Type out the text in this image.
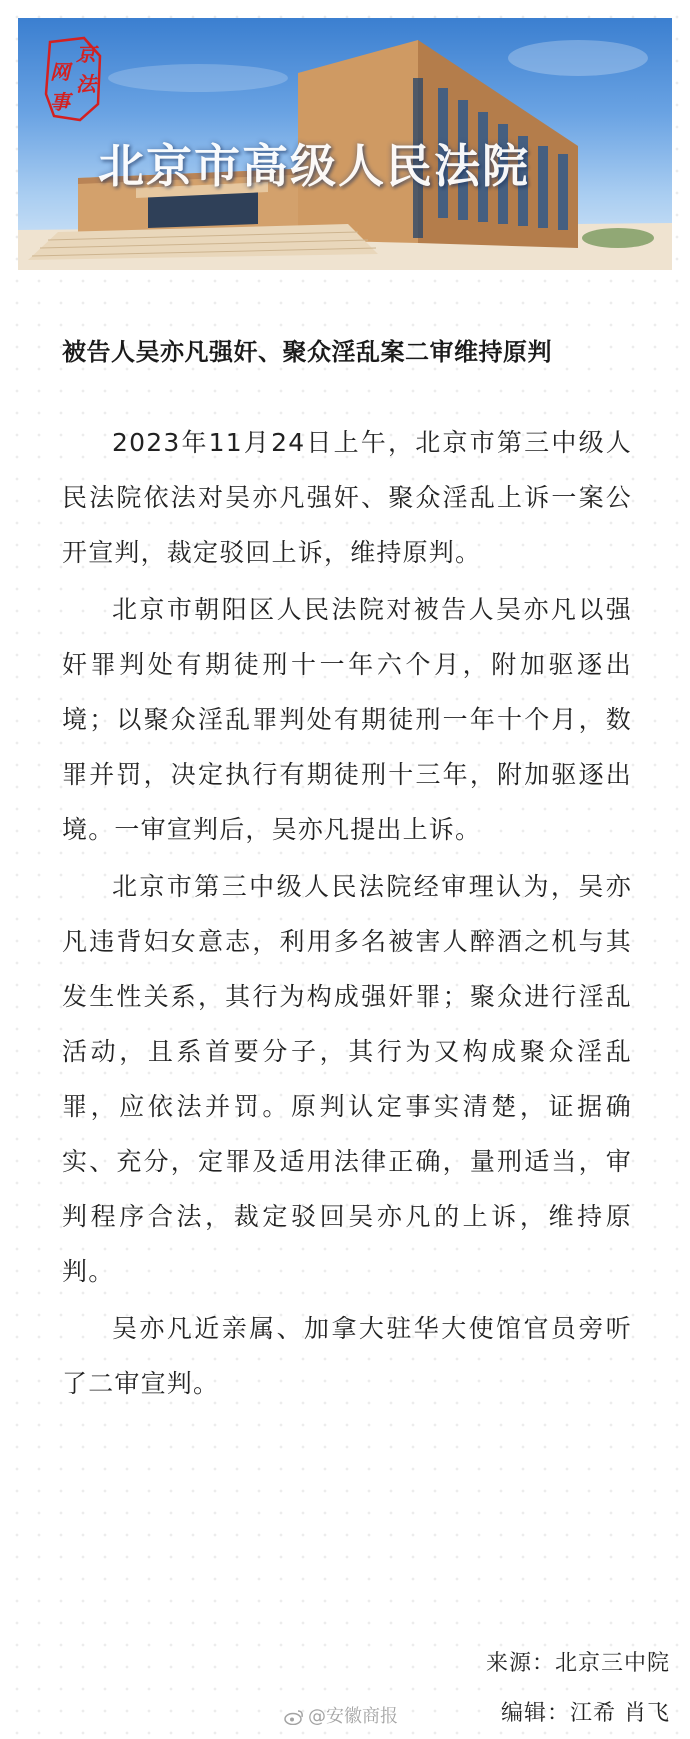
京
法
网
事
北京市高级人民法院
被告人吴亦凡强奸、聚众淫乱案二审维持原判

2023年11月24日上午，北京市第三中级人民法院依法对吴亦凡强奸、聚众淫乱上诉一案公开宣判，裁定驳回上诉，维持原判。

北京市朝阳区人民法院对被告人吴亦凡以强奸罪判处有期徒刑十一年六个月，附加驱逐出境；以聚众淫乱罪判处有期徒刑一年十个月，数罪并罚，决定执行有期徒刑十三年，附加驱逐出境。一审宣判后，吴亦凡提出上诉。

北京市第三中级人民法院经审理认为，吴亦凡违背妇女意志，利用多名被害人醉酒之机与其发生性关系，其行为构成强奸罪；聚众进行淫乱活动，且系首要分子，其行为又构成聚众淫乱罪，应依法并罚。原判认定事实清楚，证据确实、充分，定罪及适用法律正确，量刑适当，审判程序合法，裁定驳回吴亦凡的上诉，维持原判。

吴亦凡近亲属、加拿大驻华大使馆官员旁听了二审宣判。

来源：北京三中院
编辑：江希 肖飞
@安徽商报
